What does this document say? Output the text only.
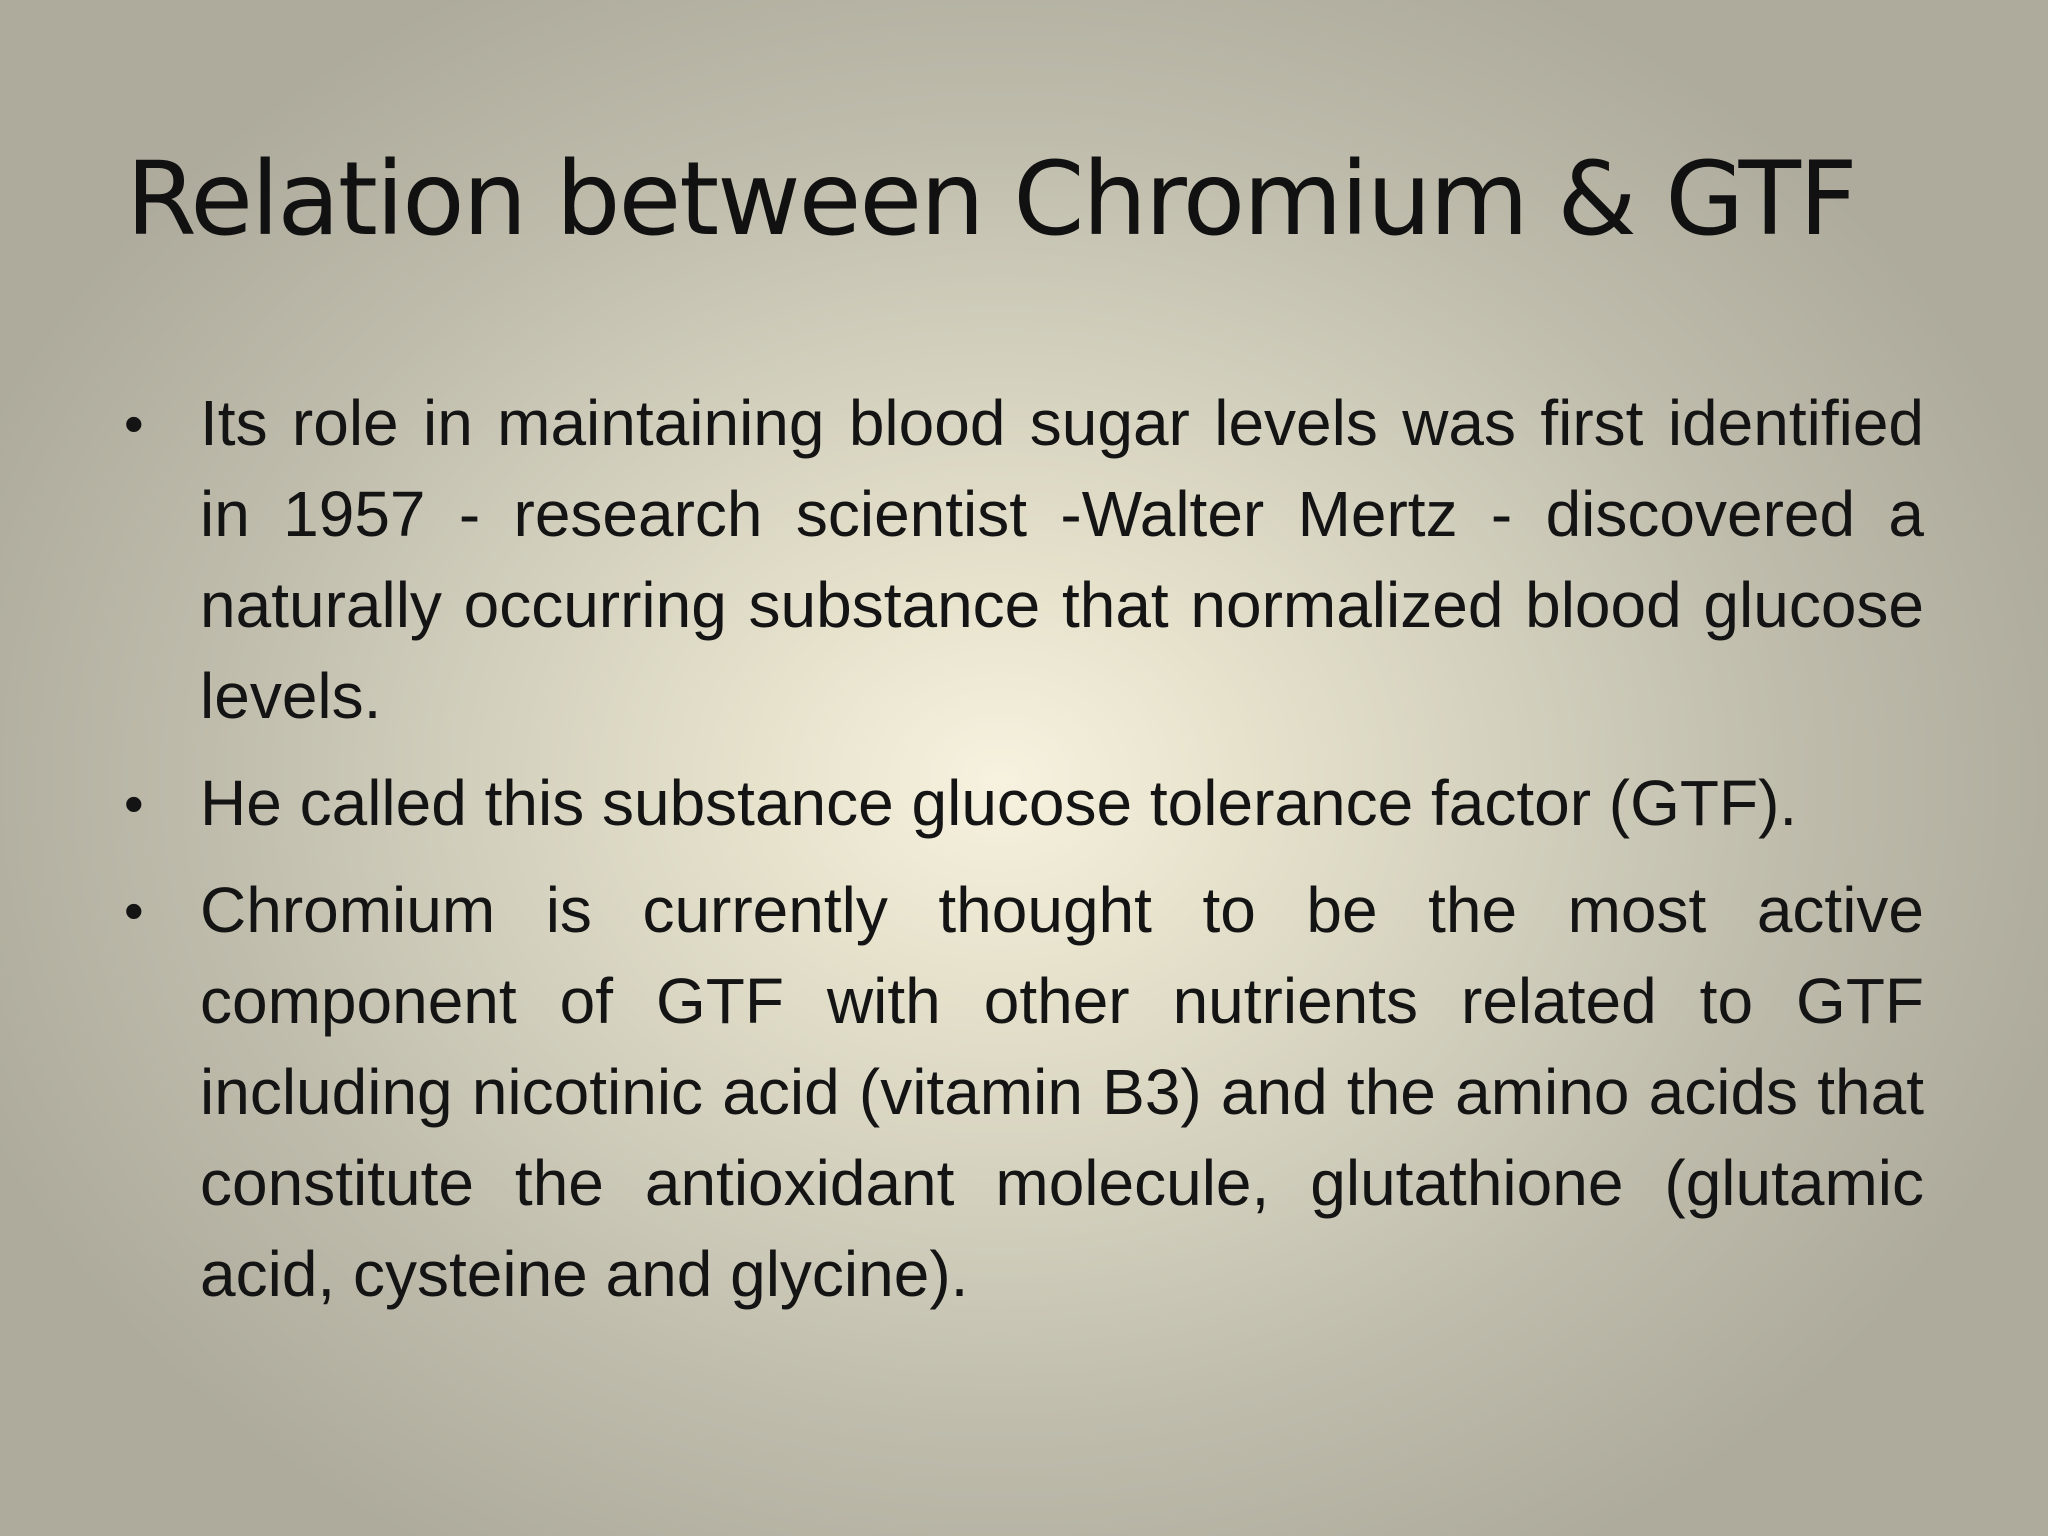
Relation between Chromium & GTF
• Its role in maintaining blood sugar levels was first identified in 1957 - research scientist -Walter Mertz - discovered a naturally occurring substance that normalized blood glucose levels.
• He called this substance glucose tolerance factor (GTF).
• Chromium is currently thought to be the most active component of GTF with other nutrients related to GTF including nicotinic acid (vitamin B3) and the amino acids that constitute the antioxidant molecule, glutathione (glutamic acid, cysteine and glycine).
